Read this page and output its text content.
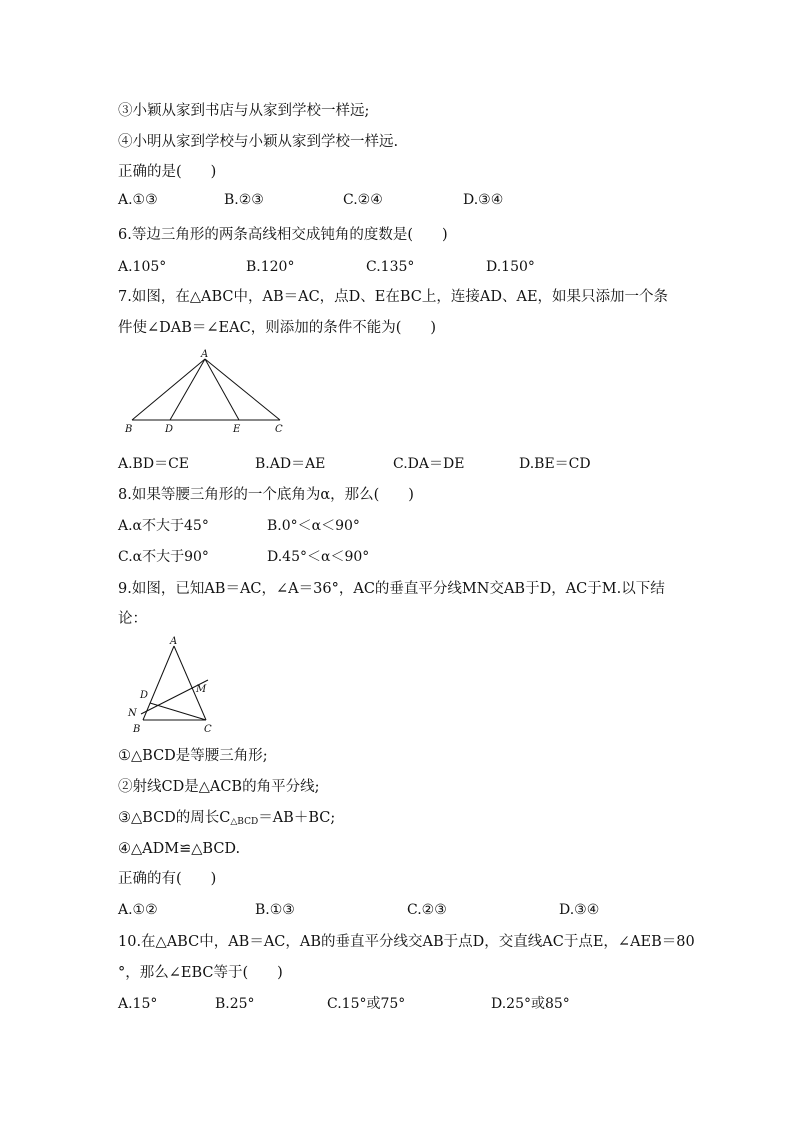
③小颖从家到书店与从家到学校一样远;
④小明从家到学校与小颖从家到学校一样远.
正确的是(　　)
A.①③	B.②③	C.②④	D.③④
6.等边三角形的两条高线相交成钝角的度数是(　　)
A.105°	B.120°	C.135°	D.150°
7.如图，在△ABC中，AB＝AC，点D、E在BC上，连接AD、AE，如果只添加一个条
件使∠DAB＝∠EAC，则添加的条件不能为(　　)
A
B	D	E	C
A.BD＝CE	B.AD＝AE	C.DA＝DE	D.BE＝CD
8.如果等腰三角形的一个底角为α，那么(　　)
A.α不大于45°	B.0°＜α＜90°
C.α不大于90°	D.45°＜α＜90°
9.如图，已知AB＝AC，∠A＝36°，AC的垂直平分线MN交AB于D，AC于M.以下结
论：
A
M
D
N
B	C
①△BCD是等腰三角形;
②射线CD是△ACB的角平分线;
③△BCD的周长$C_{\triangle BCD}=AB+BC$;
④△ADM≌△BCD.
正确的有(　　)
A.①②	B.①③	C.②③	D.③④
10.在△ABC中，AB＝AC，AB的垂直平分线交AB于点D，交直线AC于点E，∠AEB＝80
°，那么∠EBC等于(　　)
A.15°	B.25°	C.15°或75°	D.25°或85°
